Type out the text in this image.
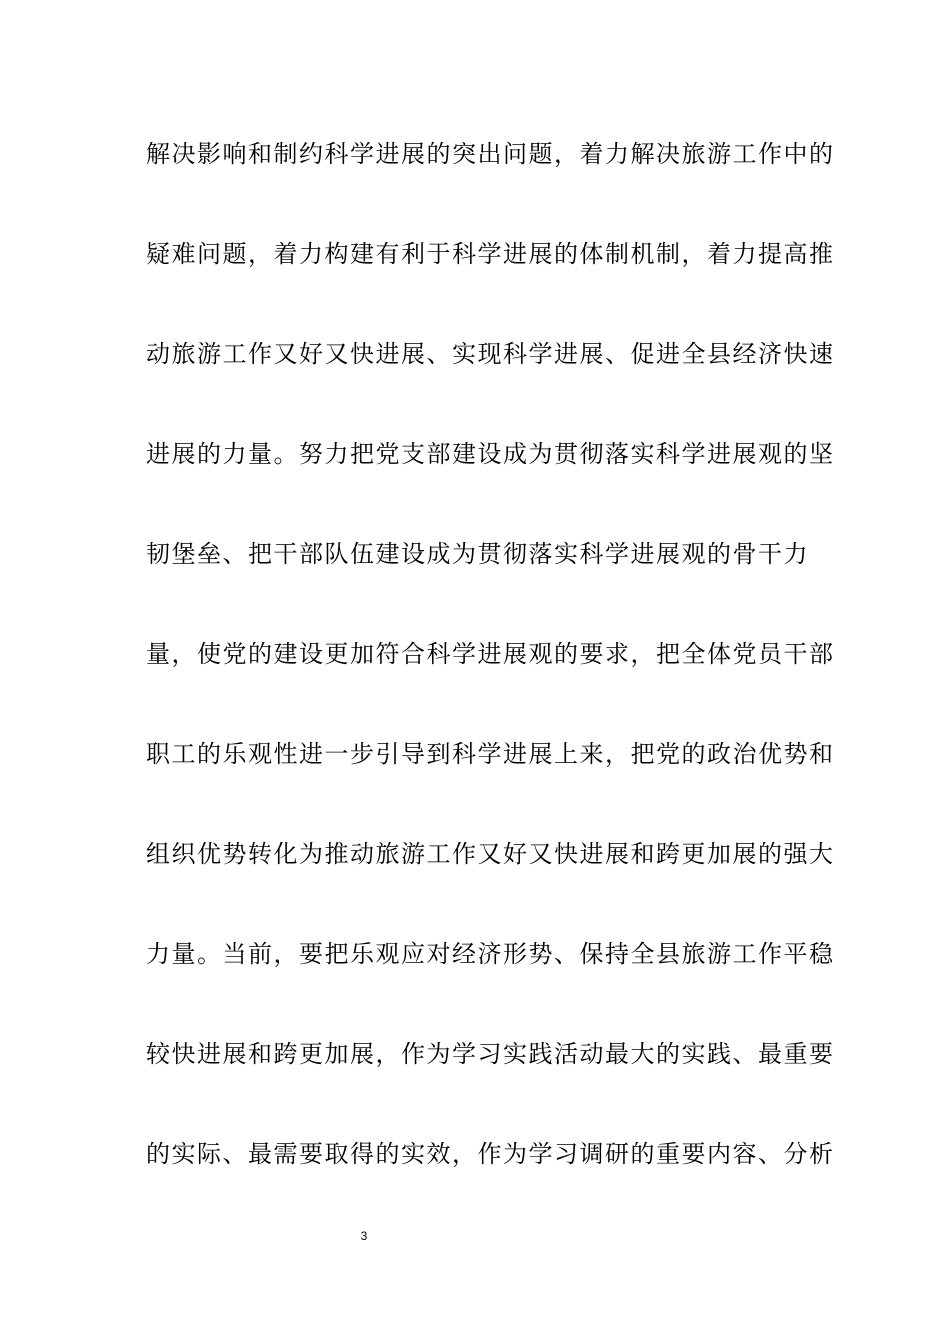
解决影响和制约科学进展的突出问题，着力解决旅游工作中的
疑难问题，着力构建有利于科学进展的体制机制，着力提高推
动旅游工作又好又快进展、实现科学进展、促进全县经济快速
进展的力量。努力把党支部建设成为贯彻落实科学进展观的坚
韧堡垒、把干部队伍建设成为贯彻落实科学进展观的骨干力
量，使党的建设更加符合科学进展观的要求，把全体党员干部
职工的乐观性进一步引导到科学进展上来，把党的政治优势和
组织优势转化为推动旅游工作又好又快进展和跨更加展的强大
力量。当前，要把乐观应对经济形势、保持全县旅游工作平稳
较快进展和跨更加展，作为学习实践活动最大的实践、最重要
的实际、最需要取得的实效，作为学习调研的重要内容、分析
3
